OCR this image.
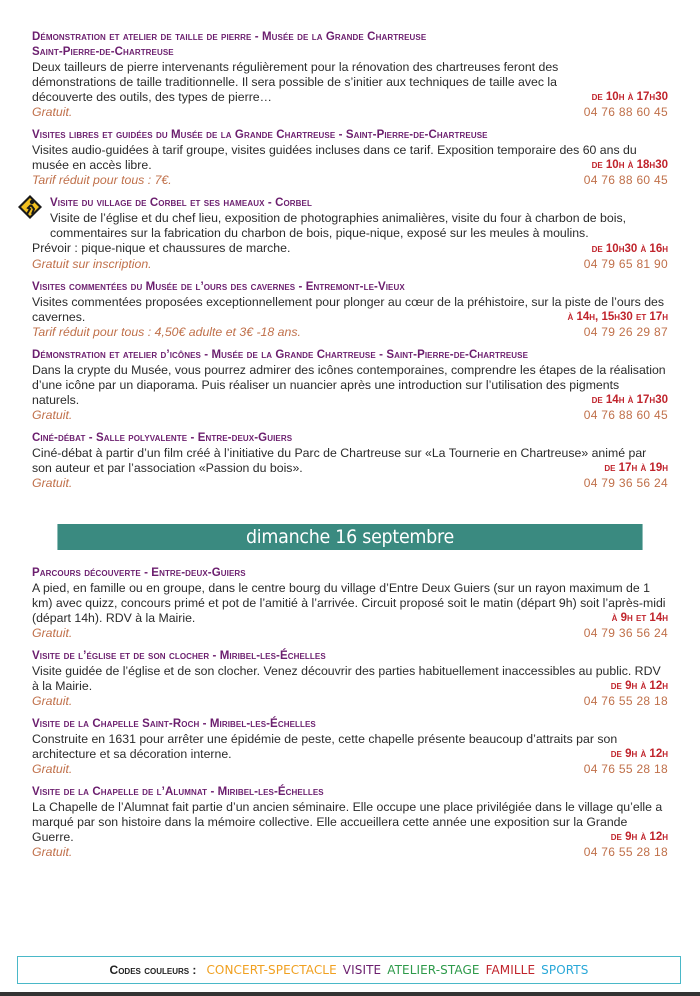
Démonstration et atelier de taille de pierre - Musée de la Grande Chartreuse
Saint-Pierre-de-Chartreuse
Deux tailleurs de pierre intervenants régulièrement pour la rénovation des chartreuses feront des démonstrations de taille traditionnelle. Il sera possible de s’initier aux techniques de taille avec la découverte des outils, des types de pierre…	de 10h à 17h30
Gratuit.	04 76 88 60 45
Visites libres et guidées du Musée de la Grande Chartreuse - Saint-Pierre-de-Chartreuse
Visites audio-guidées à tarif groupe, visites guidées incluses dans ce tarif. Exposition temporaire des 60 ans du musée en accès libre.	de 10h à 18h30
Tarif réduit pour tous : 7€.	04 76 88 60 45
Visite du village de Corbel et ses hameaux - Corbel
Visite de l’église et du chef lieu, exposition de photographies animalières, visite du four à charbon de bois, commentaires sur la fabrication du charbon de bois, pique-nique, exposé sur les meules à moulins.
Prévoir : pique-nique et chaussures de marche.	de 10h30 à 16h
Gratuit sur inscription.	04 79 65 81 90
Visites commentées du Musée de l’ours des cavernes - Entremont-le-Vieux
Visites commentées proposées exceptionnellement pour plonger au cœur de la préhistoire, sur la piste de l’ours des cavernes.	à 14h, 15h30 et 17h
Tarif réduit pour tous : 4,50€ adulte et 3€ -18 ans.	04 79 26 29 87
Démonstration et atelier d’icônes - Musée de la Grande Chartreuse - Saint-Pierre-de-Chartreuse
Dans la crypte du Musée, vous pourrez admirer des icônes contemporaines, comprendre les étapes de la réalisation d’une icône par un diaporama. Puis réaliser un nuancier après une introduction sur l’utilisation des pigments naturels.	de 14h à 17h30
Gratuit.	04 76 88 60 45
Ciné-débat - Salle polyvalente - Entre-deux-Guiers
Ciné-débat à partir d’un film créé à l’initiative du Parc de Chartreuse sur «La Tournerie en Chartreuse» animé par son auteur et par l’association «Passion du bois».	de 17h à 19h
Gratuit.	04 79 36 56 24
dimanche 16 septembre
Parcours découverte - Entre-deux-Guiers
A pied, en famille ou en groupe, dans le centre bourg du village d’Entre Deux Guiers (sur un rayon maximum de 1 km) avec quizz, concours primé et pot de l’amitié à l’arrivée. Circuit proposé soit le matin (départ 9h) soit l’après-midi (départ 14h). RDV à la Mairie.	à 9h et 14h
Gratuit.	04 79 36 56 24
Visite de l’église et de son clocher - Miribel-les-Échelles
Visite guidée de l’église et de son clocher. Venez découvrir des parties habituellement inaccessibles au public. RDV à la Mairie.	de 9h à 12h
Gratuit.	04 76 55 28 18
Visite de la Chapelle Saint-Roch - Miribel-les-Échelles
Construite en 1631 pour arrêter une épidémie de peste, cette chapelle présente beaucoup d’attraits par son architecture et sa décoration interne.	de 9h à 12h
Gratuit.	04 76 55 28 18
Visite de la Chapelle de l’Alumnat - Miribel-les-Échelles
La Chapelle de l’Alumnat fait partie d’un ancien séminaire. Elle occupe une place privilégiée dans le village qu’elle a marqué par son histoire dans la mémoire collective. Elle accueillera cette année une exposition sur la Grande Guerre.	de 9h à 12h
Gratuit.	04 76 55 28 18
Codes couleurs : CONCERT-SPECTACLE VISITE ATELIER-STAGE FAMILLE SPORTS
